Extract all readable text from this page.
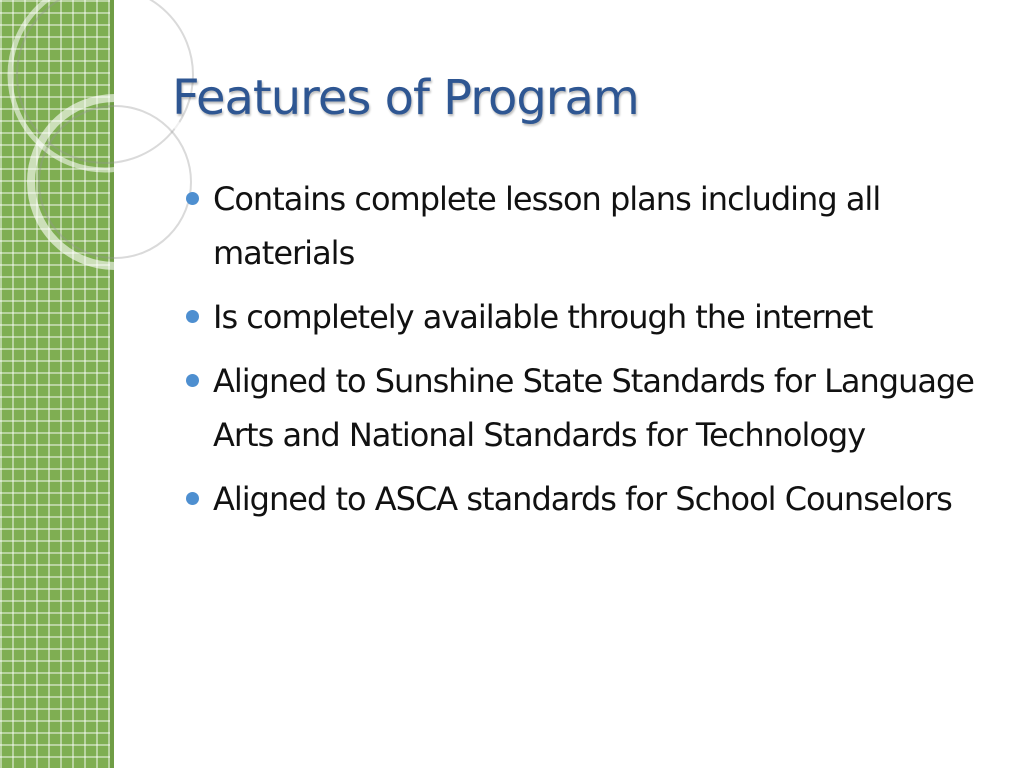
Features of Program
Contains complete lesson plans including all materials
Is completely available through the internet
Aligned to Sunshine State Standards for Language Arts and National Standards for Technology
Aligned to ASCA standards for School Counselors
